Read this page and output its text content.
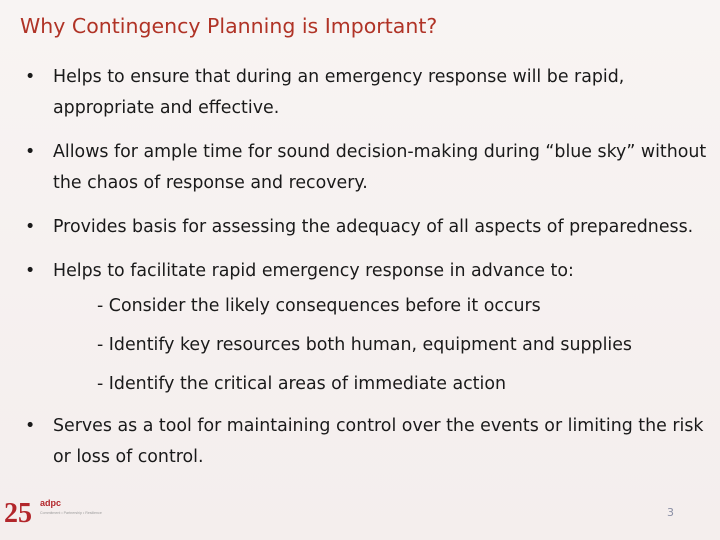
Why Contingency Planning is Important?

• Helps to ensure that during an emergency response will be rapid, appropriate and effective.

• Allows for ample time for sound decision-making during “blue sky” without the chaos of response and recovery.

• Provides basis for assessing the adequacy of all aspects of preparedness.

• Helps to facilitate rapid emergency response in advance to:

- Consider the likely consequences before it occurs

- Identify key resources both human, equipment and supplies

- Identify the critical areas of immediate action

• Serves as a tool for maintaining control over the events or limiting the risk or loss of control.

25 adpc
Commitment • Partnership • Resilience	3
